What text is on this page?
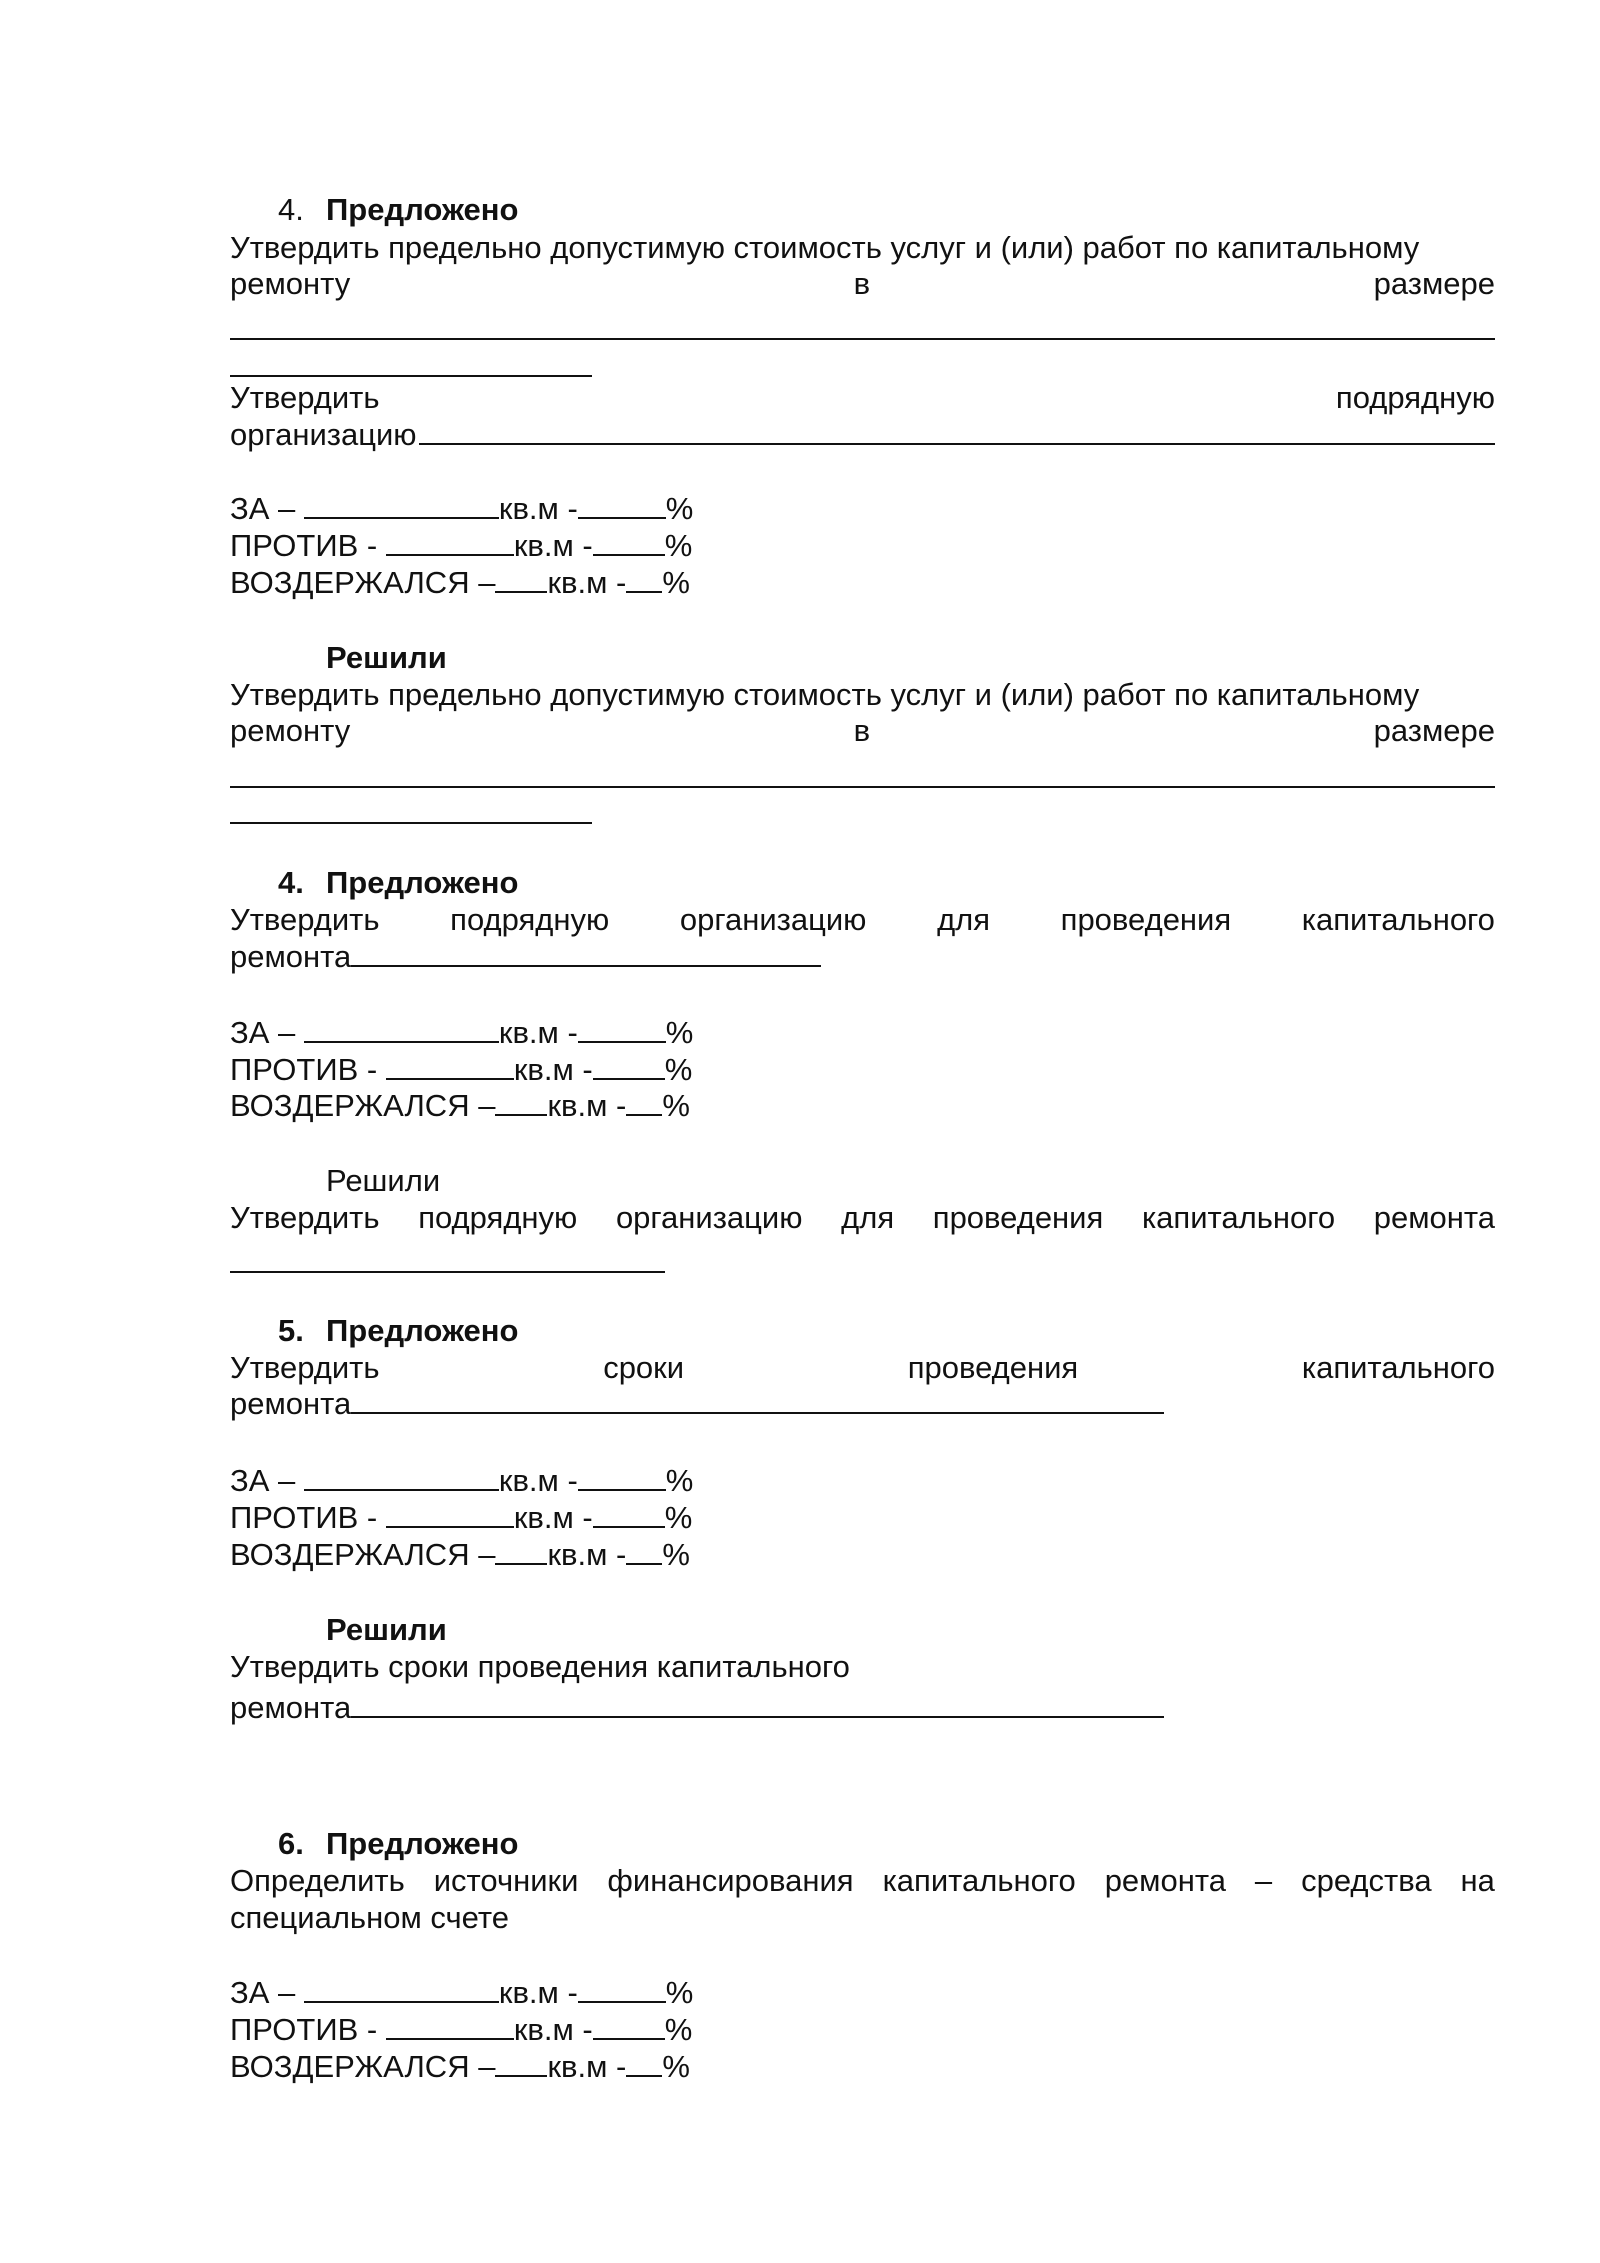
4. Предложено
Утвердить предельно допустимую стоимость услуг и (или) работ по капитальному
ремонту	в	размере
Утвердить	подрядную
организацию
ЗА –	кв.м -	%
ПРОТИВ -	кв.м - %
ВОЗДЕРЖАЛСЯ – кв.м - %
Решили
Утвердить предельно допустимую стоимость услуг и (или) работ по капитальному
ремонту	в	размере
4. Предложено
Утвердить подрядную организацию для проведения капитального
ремонта
ЗА –	кв.м -	%
ПРОТИВ -	кв.м - %
ВОЗДЕРЖАЛСЯ – кв.м - %
Решили
Утвердить подрядную организацию для проведения капитального ремонта
5. Предложено
Утвердить	сроки	проведения	капитального
ремонта
ЗА –	кв.м -	%
ПРОТИВ -	кв.м - %
ВОЗДЕРЖАЛСЯ – кв.м - %
Решили
Утвердить сроки проведения капитального
ремонта
6. Предложено
Определить источники финансирования капитального ремонта – средства на
специальном счете
ЗА –	кв.м -	%
ПРОТИВ -	кв.м - %
ВОЗДЕРЖАЛСЯ – кв.м - %
